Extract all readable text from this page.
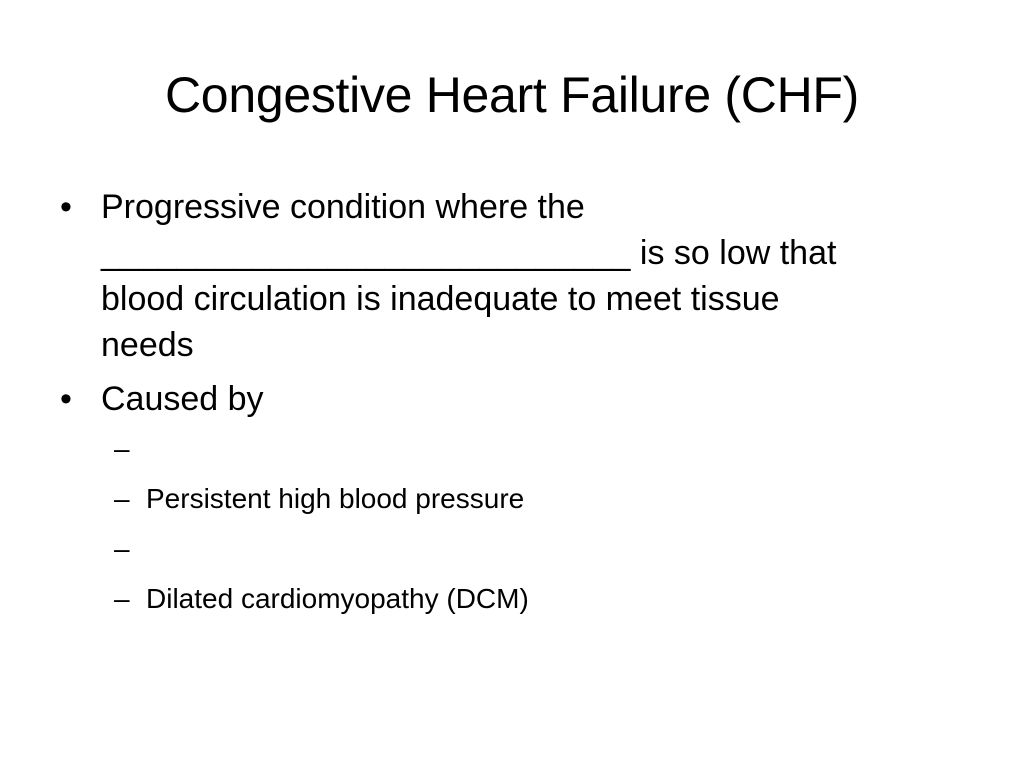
Congestive Heart Failure (CHF)
• Progressive condition where the
____________________________ is so low that
blood circulation is inadequate to meet tissue
needs
• Caused by
–
– Persistent high blood pressure
–
– Dilated cardiomyopathy (DCM)
